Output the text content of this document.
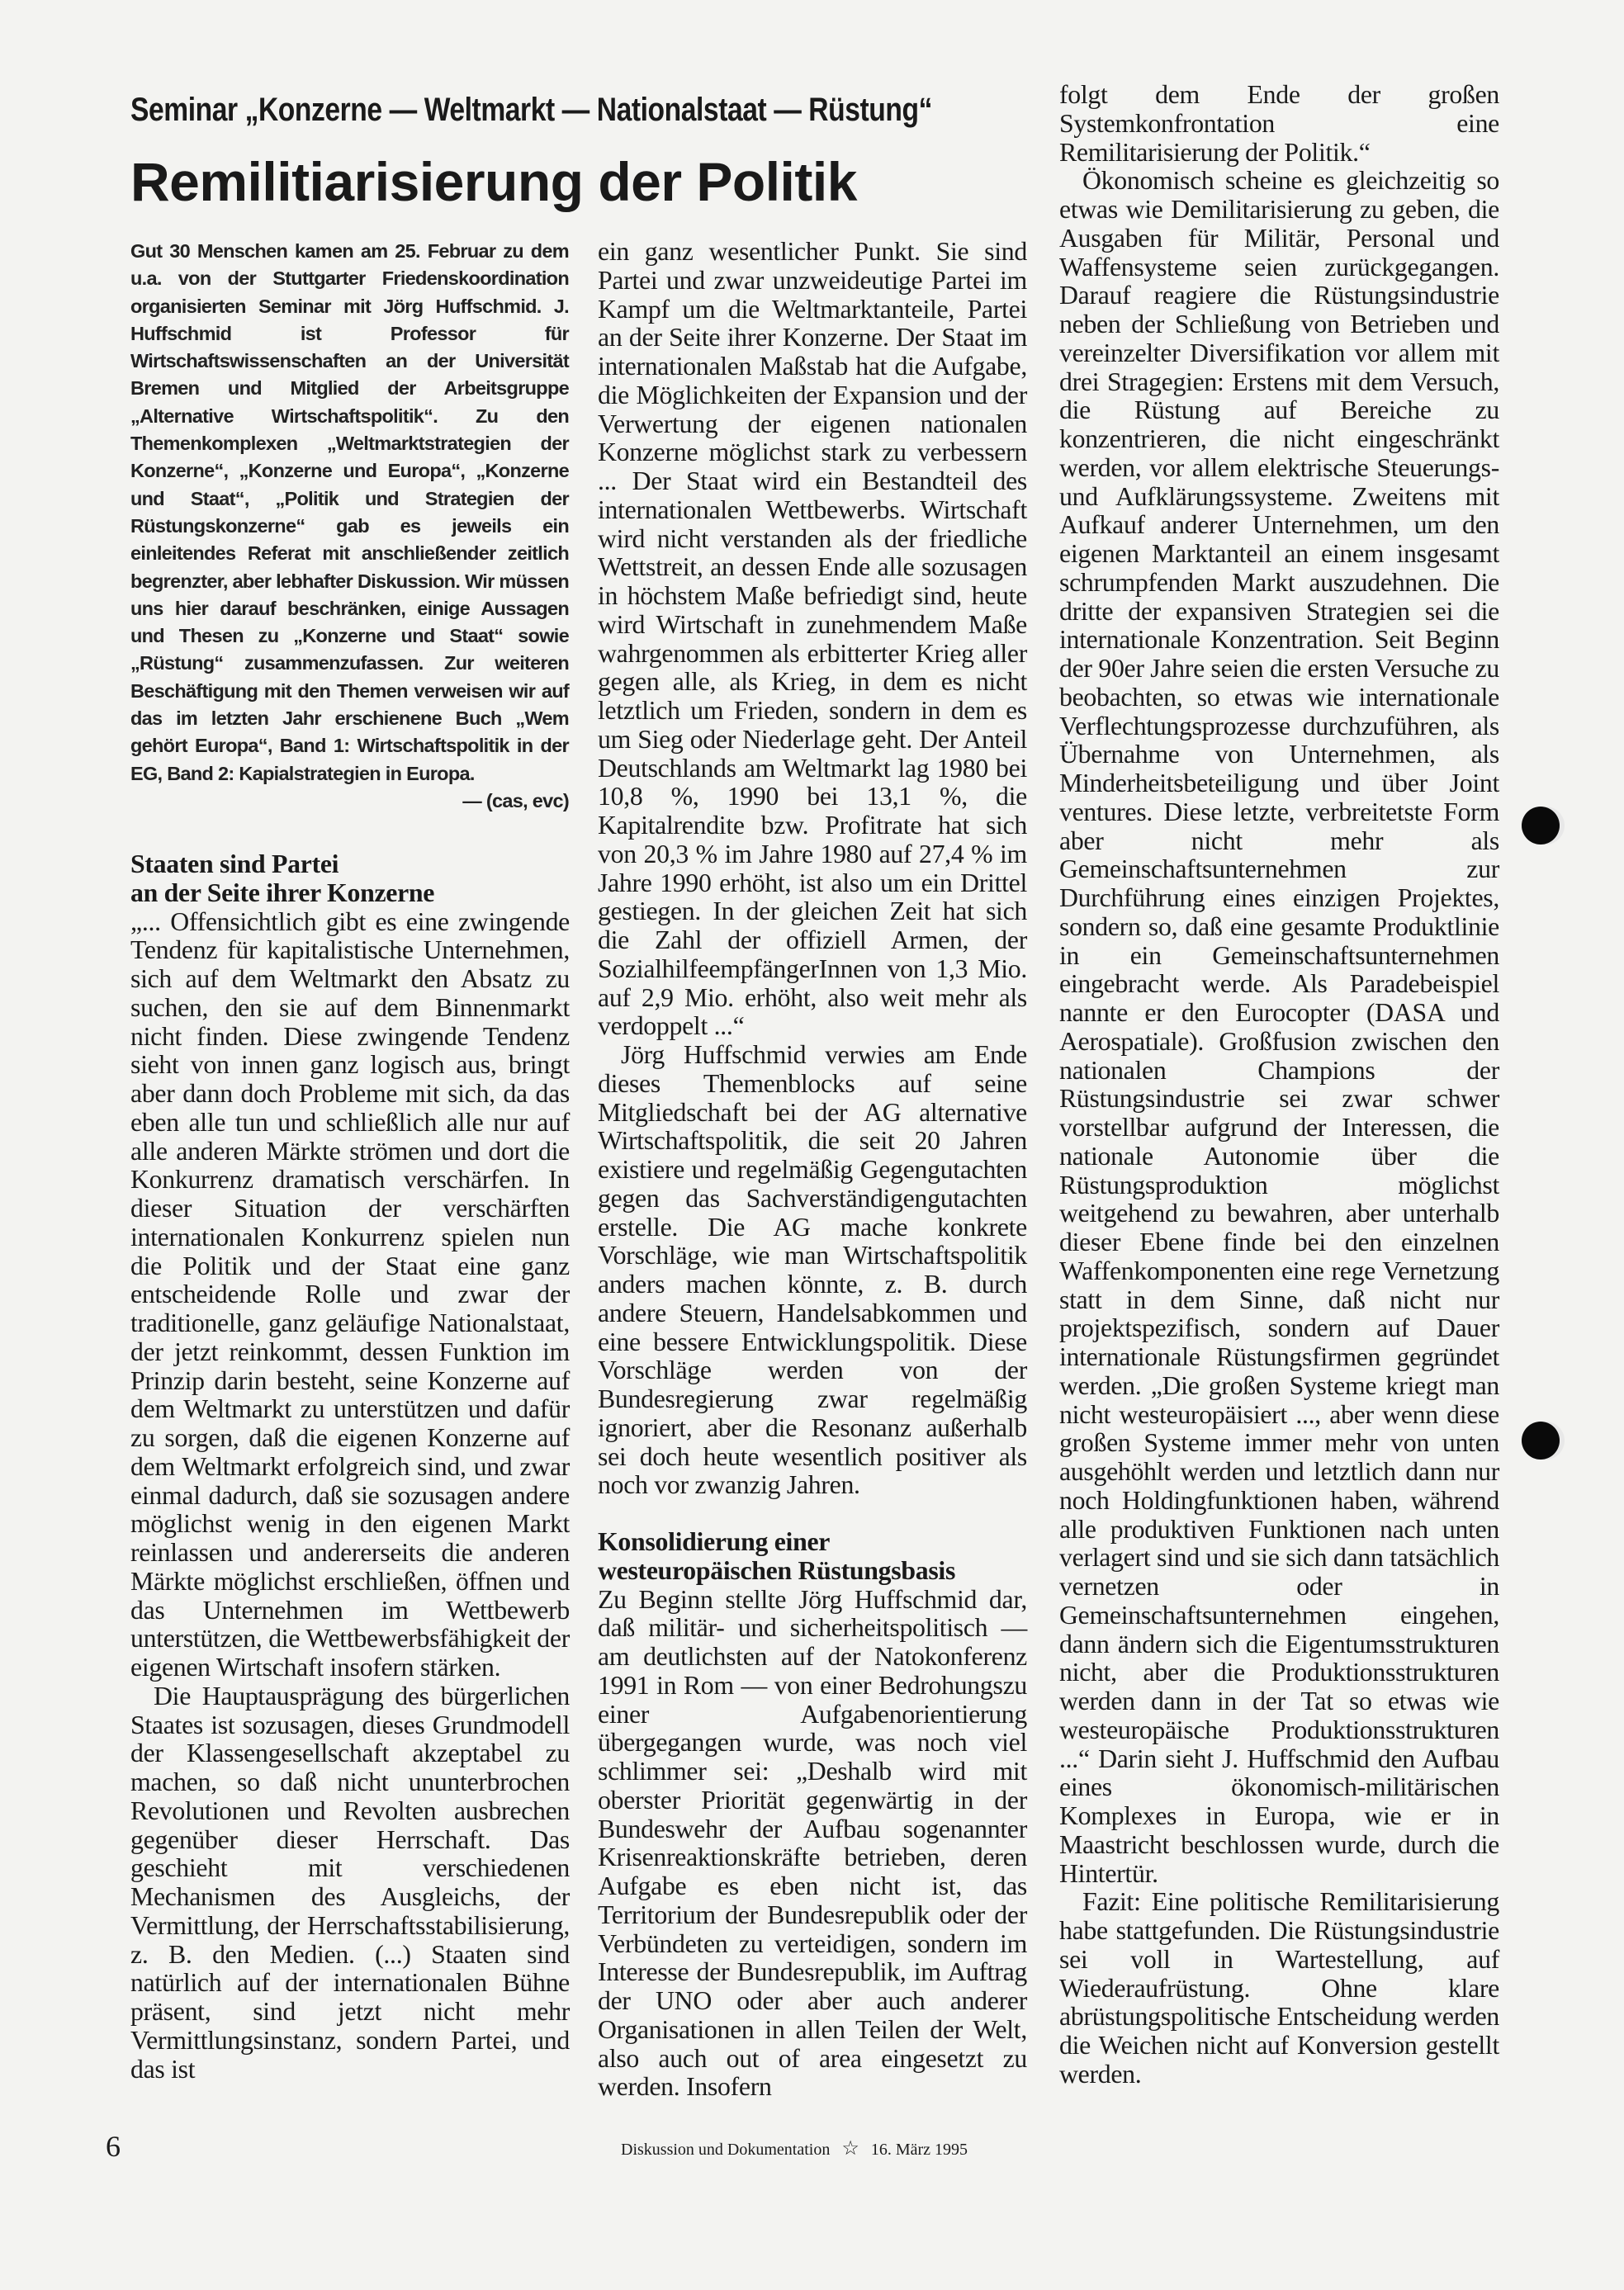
Seminar „Konzerne — Weltmarkt — Nationalstaat — Rüstung“
Remilitiarisierung der Politik

Gut 30 Menschen kamen am 25. Februar zu dem u.a. von der Stuttgarter Friedenskoordination organisierten Seminar mit Jörg Huffschmid. J. Huffschmid ist Professor für Wirtschaftswissenschaften an der Universität Bremen und Mitglied der Arbeitsgruppe „Alternative Wirtschaftspolitik“. Zu den Themenkomplexen „Weltmarktstrategien der Konzerne“, „Konzerne und Europa“, „Konzerne und Staat“, „Politik und Strategien der Rüstungskonzerne“ gab es jeweils ein einleitendes Referat mit anschließender zeitlich begrenzter, aber lebhafter Diskussion. Wir müssen uns hier darauf beschränken, einige Aussagen und Thesen zu „Konzerne und Staat“ sowie „Rüstung“ zusammenzufassen. Zur weiteren Beschäftigung mit den Themen verweisen wir auf das im letzten Jahr erschienene Buch „Wem gehört Europa“, Band 1: Wirtschaftspolitik in der EG, Band 2: Kapialstrategien in Europa.
— (cas, evc)

Staaten sind Partei
an der Seite ihrer Konzerne

„... Offensichtlich gibt es eine zwingende Tendenz für kapitalistische Unternehmen, sich auf dem Weltmarkt den Absatz zu suchen, den sie auf dem Binnenmarkt nicht finden. Diese zwingende Tendenz sieht von innen ganz logisch aus, bringt aber dann doch Probleme mit sich, da das eben alle tun und schließlich alle nur auf alle anderen Märkte strömen und dort die Konkurrenz dramatisch verschärfen. In dieser Situation der verschärften internationalen Konkurrenz spielen nun die Politik und der Staat eine ganz entscheidende Rolle und zwar der traditionelle, ganz geläufige Nationalstaat, der jetzt reinkommt, dessen Funktion im Prinzip darin besteht, seine Konzerne auf dem Weltmarkt zu unterstützen und dafür zu sorgen, daß die eigenen Konzerne auf dem Weltmarkt erfolgreich sind, und zwar einmal dadurch, daß sie sozusagen andere möglichst wenig in den eigenen Markt reinlassen und andererseits die anderen Märkte möglichst erschließen, öffnen und das Unternehmen im Wettbewerb unterstützen, die Wettbewerbsfähigkeit der eigenen Wirtschaft insofern stärken.

Die Hauptausprägung des bürgerlichen Staates ist sozusagen, dieses Grundmodell der Klassengesellschaft akzeptabel zu machen, so daß nicht ununterbrochen Revolutionen und Revolten ausbrechen gegenüber dieser Herrschaft. Das geschieht mit verschiedenen Mechanismen des Ausgleichs, der Vermittlung, der Herrschaftsstabilisierung, z. B. den Medien. (...) Staaten sind natürlich auf der internationalen Bühne präsent, sind jetzt nicht mehr Vermittlungsinstanz, sondern Partei, und das ist

ein ganz wesentlicher Punkt. Sie sind Partei und zwar unzweideutige Partei im Kampf um die Weltmarktanteile, Partei an der Seite ihrer Konzerne. Der Staat im internationalen Maßstab hat die Aufgabe, die Möglichkeiten der Expansion und der Verwertung der eigenen nationalen Konzerne möglichst stark zu verbessern ... Der Staat wird ein Bestandteil des internationalen Wettbewerbs. Wirtschaft wird nicht verstanden als der friedliche Wettstreit, an dessen Ende alle sozusagen in höchstem Maße befriedigt sind, heute wird Wirtschaft in zunehmendem Maße wahrgenommen als erbitterter Krieg aller gegen alle, als Krieg, in dem es nicht letztlich um Frieden, sondern in dem es um Sieg oder Niederlage geht. Der Anteil Deutschlands am Weltmarkt lag 1980 bei 10,8 %, 1990 bei 13,1 %, die Kapitalrendite bzw. Profitrate hat sich von 20,3 % im Jahre 1980 auf 27,4 % im Jahre 1990 erhöht, ist also um ein Drittel gestiegen. In der gleichen Zeit hat sich die Zahl der offiziell Armen, der SozialhilfeempfängerInnen von 1,3 Mio. auf 2,9 Mio. erhöht, also weit mehr als verdoppelt ...“

Jörg Huffschmid verwies am Ende dieses Themenblocks auf seine Mitgliedschaft bei der AG alternative Wirtschaftspolitik, die seit 20 Jahren existiere und regelmäßig Gegengutachten gegen das Sachverständigengutachten erstelle. Die AG mache konkrete Vorschläge, wie man Wirtschaftspolitik anders machen könnte, z. B. durch andere Steuern, Handelsabkommen und eine bessere Entwicklungspolitik. Diese Vorschläge werden von der Bundesregierung zwar regelmäßig ignoriert, aber die Resonanz außerhalb sei doch heute wesentlich positiver als noch vor zwanzig Jahren.

Konsolidierung einer
westeuropäischen Rüstungsbasis

Zu Beginn stellte Jörg Huffschmid dar, daß militär- und sicherheitspolitisch — am deutlichsten auf der Natokonferenz 1991 in Rom — von einer Bedrohungszu einer Aufgabenorientierung übergegangen wurde, was noch viel schlimmer sei: „Deshalb wird mit oberster Priorität gegenwärtig in der Bundeswehr der Aufbau sogenannter Krisenreaktionskräfte betrieben, deren Aufgabe es eben nicht ist, das Territorium der Bundesrepublik oder der Verbündeten zu verteidigen, sondern im Interesse der Bundesrepublik, im Auftrag der UNO oder aber auch anderer Organisationen in allen Teilen der Welt, also auch out of area eingesetzt zu werden. Insofern

folgt dem Ende der großen Systemkonfrontation eine Remilitarisierung der Politik.“

Ökonomisch scheine es gleichzeitig so etwas wie Demilitarisierung zu geben, die Ausgaben für Militär, Personal und Waffensysteme seien zurückgegangen. Darauf reagiere die Rüstungsindustrie neben der Schließung von Betrieben und vereinzelter Diversifikation vor allem mit drei Stragegien: Erstens mit dem Versuch, die Rüstung auf Bereiche zu konzentrieren, die nicht eingeschränkt werden, vor allem elektrische Steuerungs- und Aufklärungssysteme. Zweitens mit Aufkauf anderer Unternehmen, um den eigenen Marktanteil an einem insgesamt schrumpfenden Markt auszudehnen. Die dritte der expansiven Strategien sei die internationale Konzentration. Seit Beginn der 90er Jahre seien die ersten Versuche zu beobachten, so etwas wie internationale Verflechtungsprozesse durchzuführen, als Übernahme von Unternehmen, als Minderheitsbeteiligung und über Joint ventures. Diese letzte, verbreitetste Form aber nicht mehr als Gemeinschaftsunternehmen zur Durchführung eines einzigen Projektes, sondern so, daß eine gesamte Produktlinie in ein Gemeinschaftsunternehmen eingebracht werde. Als Paradebeispiel nannte er den Eurocopter (DASA und Aerospatiale). Großfusion zwischen den nationalen Champions der Rüstungsindustrie sei zwar schwer vorstellbar aufgrund der Interessen, die nationale Autonomie über die Rüstungsproduktion möglichst weitgehend zu bewahren, aber unterhalb dieser Ebene finde bei den einzelnen Waffenkomponenten eine rege Vernetzung statt in dem Sinne, daß nicht nur projektspezifisch, sondern auf Dauer internationale Rüstungsfirmen gegründet werden. „Die großen Systeme kriegt man nicht westeuropäisiert ..., aber wenn diese großen Systeme immer mehr von unten ausgehöhlt werden und letztlich dann nur noch Holdingfunktionen haben, während alle produktiven Funktionen nach unten verlagert sind und sie sich dann tatsächlich vernetzen oder in Gemeinschaftsunternehmen eingehen, dann ändern sich die Eigentumsstrukturen nicht, aber die Produktionsstrukturen werden dann in der Tat so etwas wie westeuropäische Produktionsstrukturen ...“ Darin sieht J. Huffschmid den Aufbau eines ökonomisch-militärischen Komplexes in Europa, wie er in Maastricht beschlossen wurde, durch die Hintertür.

Fazit: Eine politische Remilitarisierung habe stattgefunden. Die Rüstungsindustrie sei voll in Wartestellung, auf Wiederaufrüstung. Ohne klare abrüstungspolitische Entscheidung werden die Weichen nicht auf Konversion gestellt werden.

6	Diskussion und Dokumentation ☆ 16. März 1995
